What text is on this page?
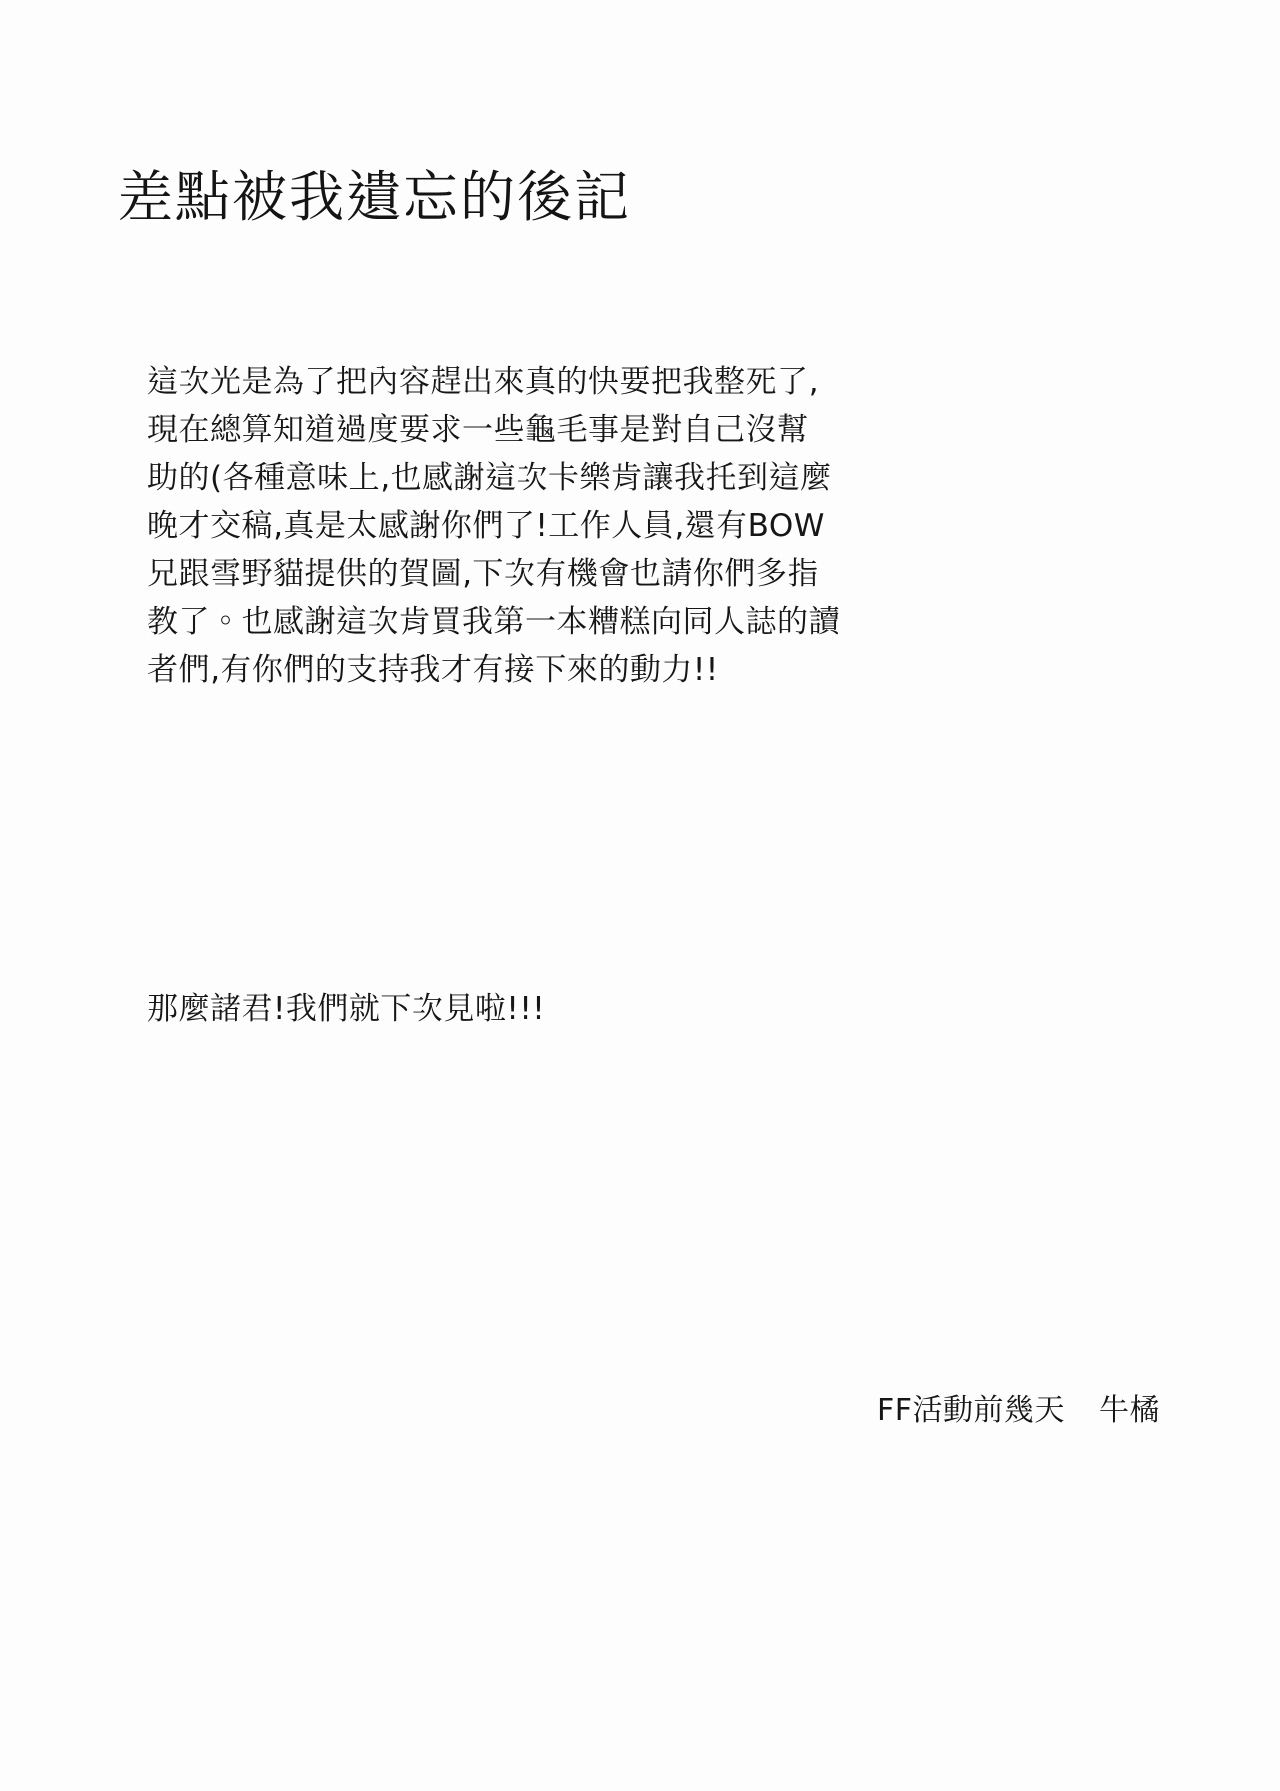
差點被我遺忘的後記
這次光是為了把內容趕出來真的快要把我整死了‚
現在總算知道過度要求一些龜毛事是對自己沒幫
助的(各種意味上‚也感謝這次卡樂肯讓我托到這麼
晚才交稿‚真是太感謝你們了!工作人員‚還有BOW
兄跟雪野貓提供的賀圖‚下次有機會也請你們多指
教了。也感謝這次肯買我第一本糟糕向同人誌的讀
者們‚有你們的支持我才有接下來的動力!!
那麼諸君!我們就下次見啦!!!
FF活動前幾天 牛橘
